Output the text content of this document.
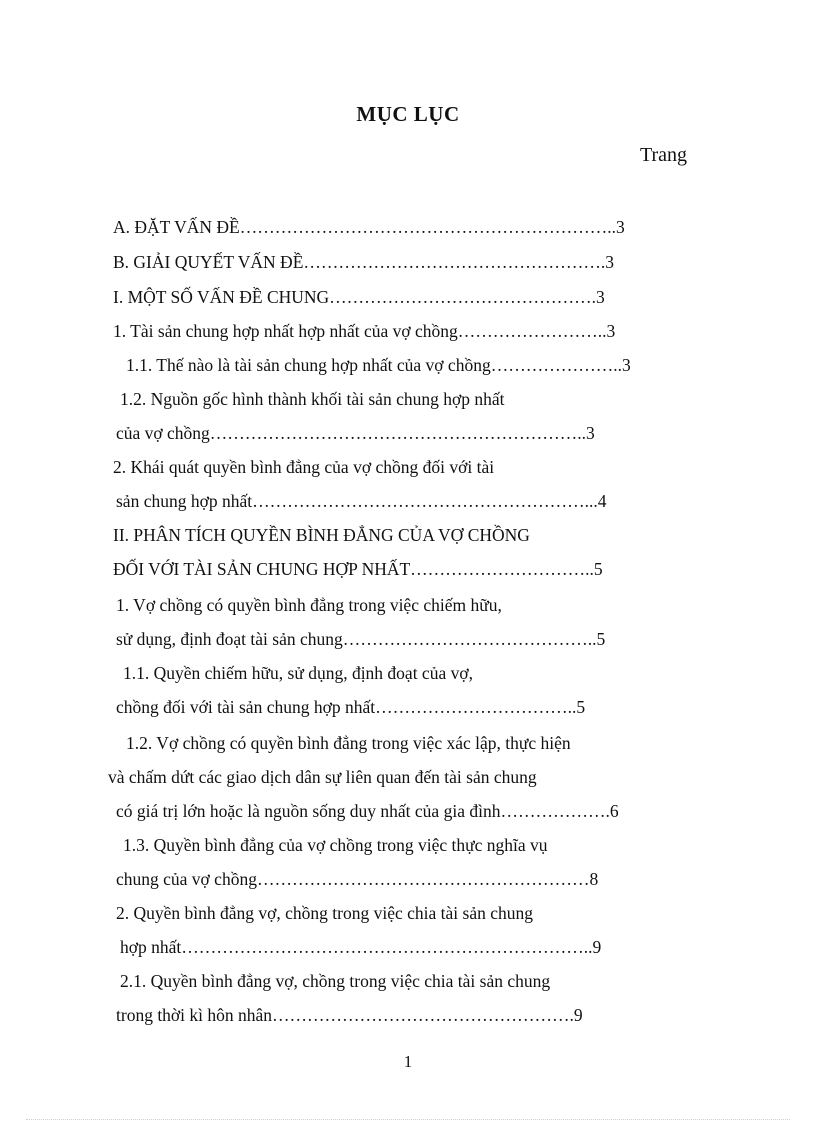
MỤC LỤC
Trang
A. ĐẶT VẤN ĐỀ………………………………………………………..3
B. GIẢI QUYẾT VẤN ĐỀ…………………………………………….3
I. MỘT SỐ VẤN ĐỀ CHUNG……………………………………….3
1. Tài sản chung hợp nhất hợp nhất của vợ chồng……………………..3
1.1. Thế nào là tài sản chung hợp nhất của vợ chồng…………………..3
1.2. Nguồn gốc hình thành khối tài sản chung hợp nhất
của vợ chồng………………………………………………………..3
2. Khái quát quyền bình đẳng của vợ chồng đối với tài
sản chung hợp nhất…………………………………………………...4
II. PHÂN TÍCH QUYỀN BÌNH ĐẲNG CỦA VỢ CHỒNG
ĐỐI VỚI TÀI SẢN CHUNG HỢP NHẤT…………………………..5
1. Vợ chồng có quyền bình đẳng trong việc chiếm hữu,
sử dụng, định đoạt tài sản chung……………………………………..5
1.1. Quyền chiếm hữu, sử dụng, định đoạt của vợ,
chồng đối với tài sản chung hợp nhất……………………………..5
1.2. Vợ chồng có quyền bình đẳng trong việc xác lập, thực hiện
và chấm dứt các giao dịch dân sự liên quan đến tài sản chung
có giá trị lớn hoặc là nguồn sống duy nhất của gia đình……………….6
1.3. Quyền bình đẳng của vợ chồng trong việc thực nghĩa vụ
chung của vợ chồng…………………………………………………8
2. Quyền bình đẳng vợ, chồng trong việc chia tài sản chung
hợp nhất……………………………………………………………..9
2.1. Quyền bình đẳng vợ, chồng trong việc chia tài sản chung
trong thời kì hôn nhân…………………………………………….9
1
